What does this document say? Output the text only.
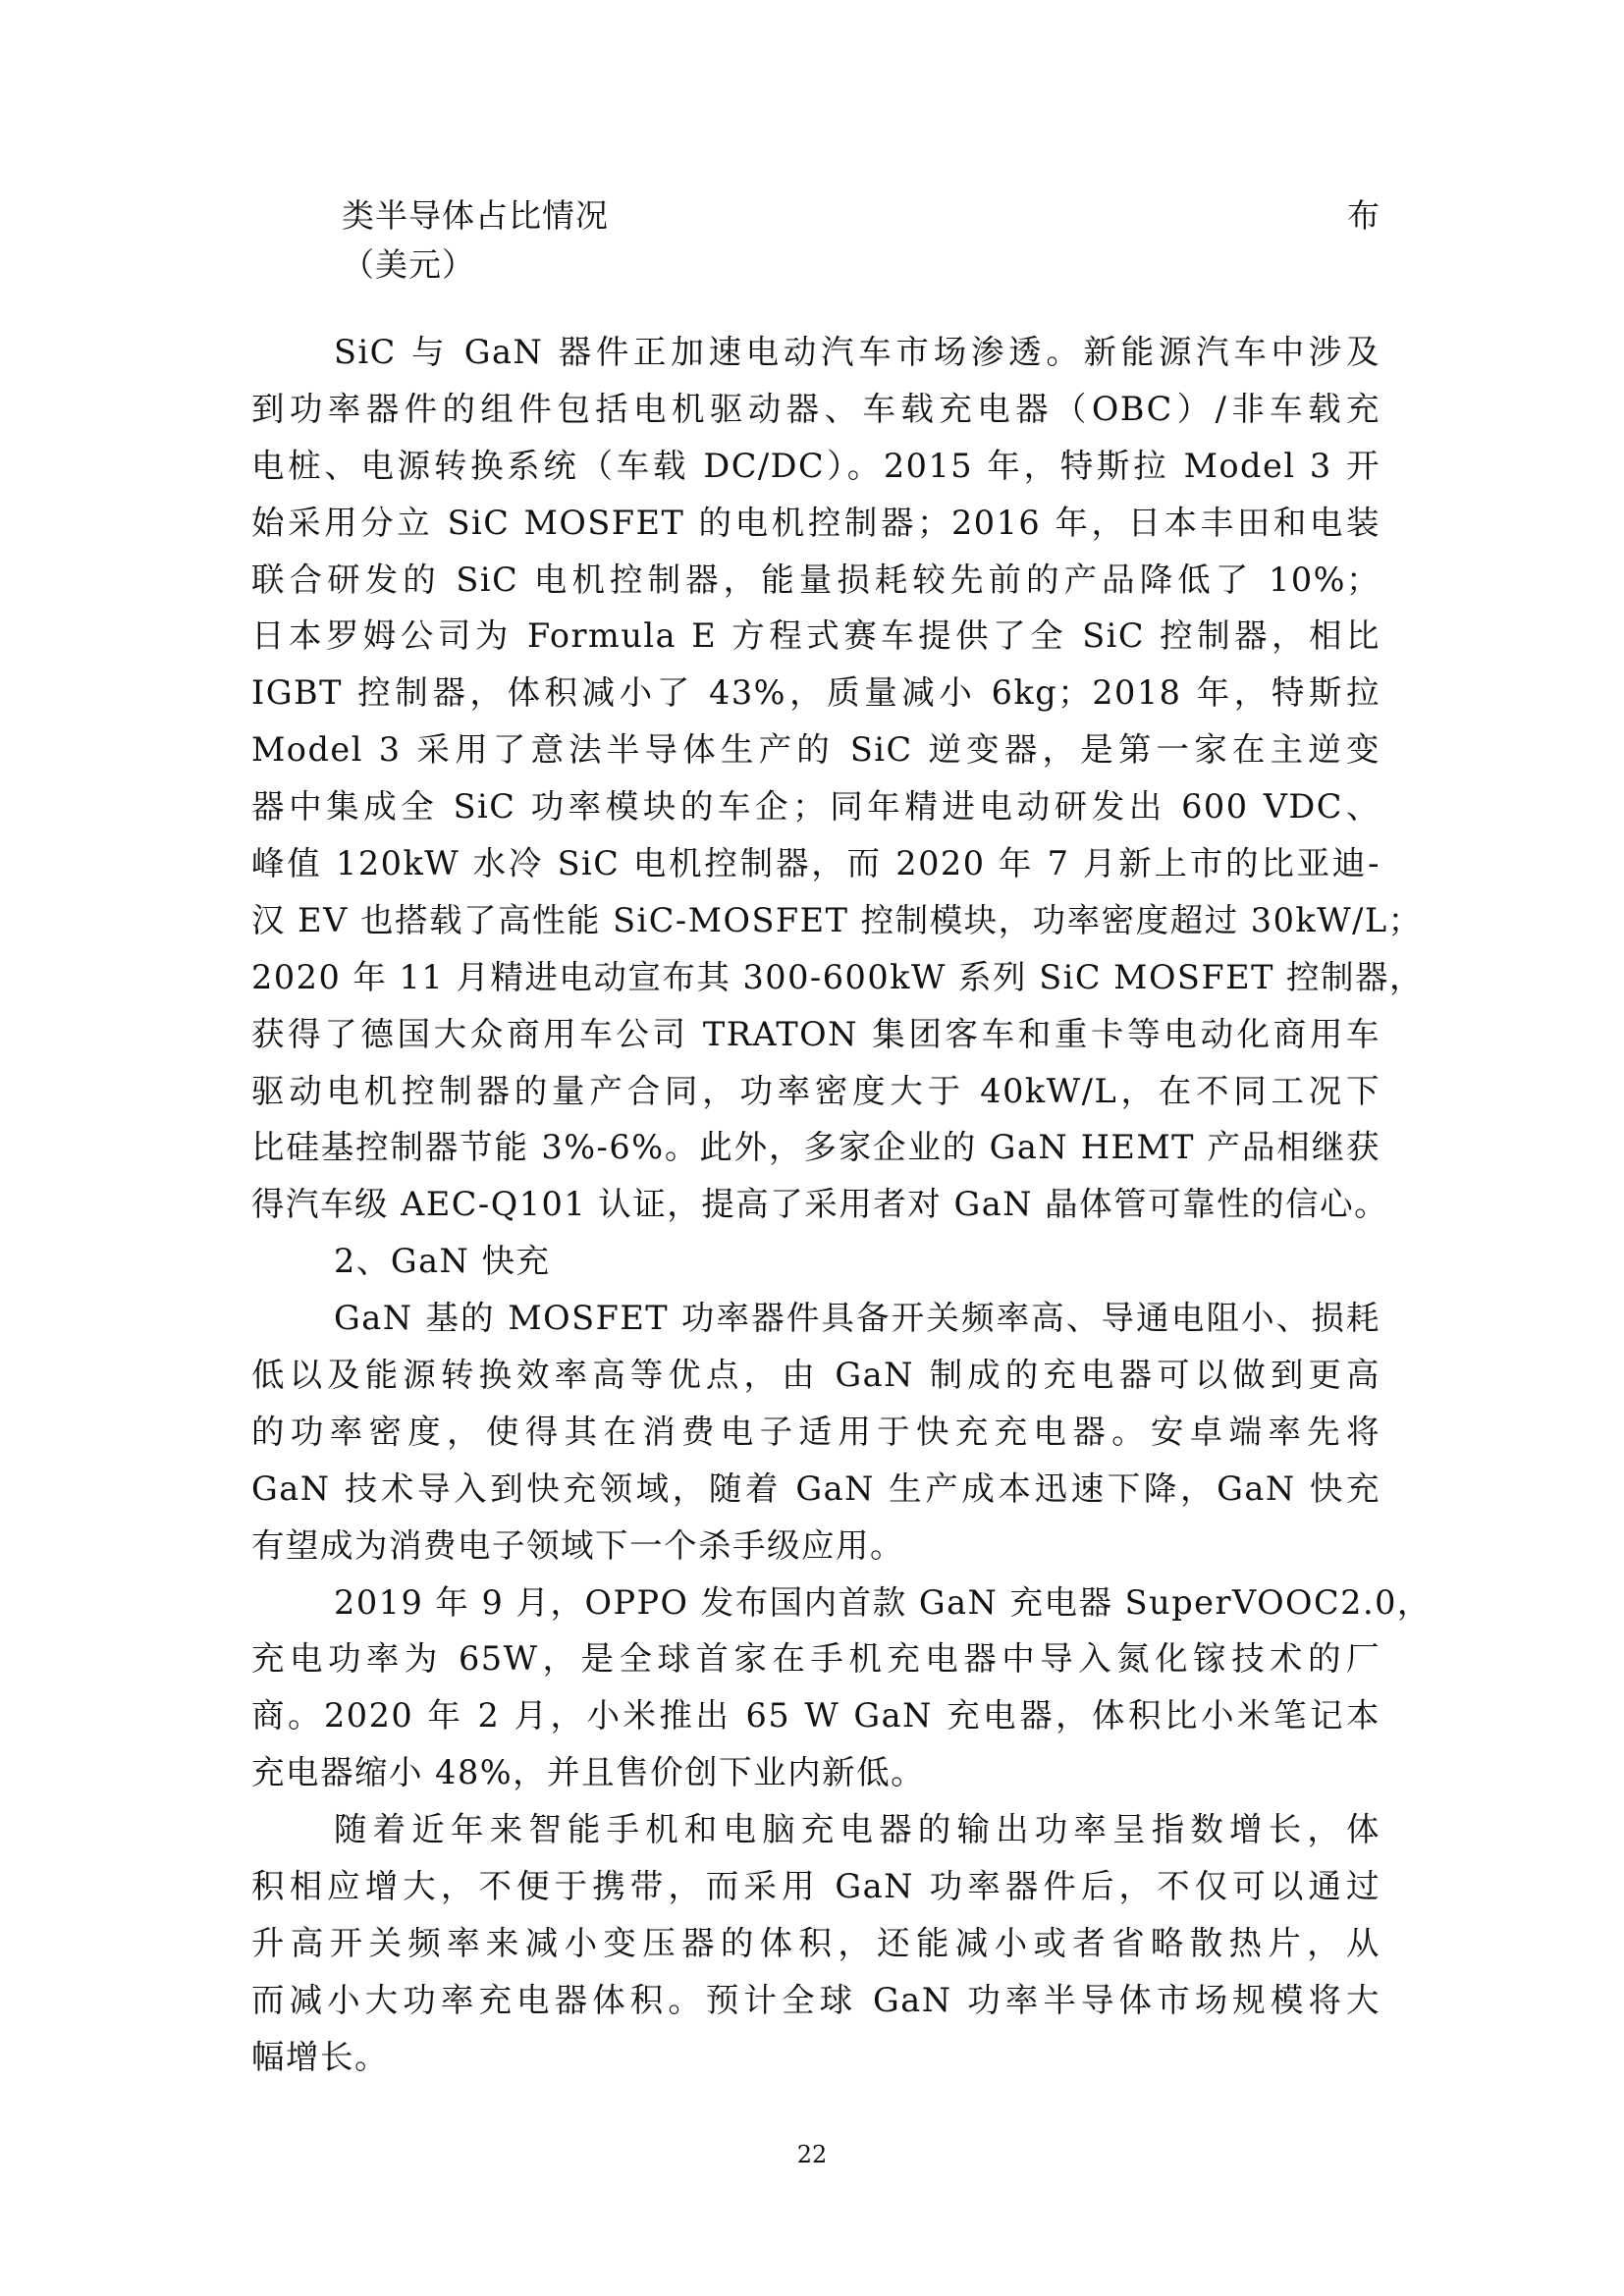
类半导体占比情况
（美元）
布
SiC 与 GaN 器件正加速电动汽车市场渗透。新能源汽车中涉及
到功率器件的组件包括电机驱动器、车载充电器（OBC）/非车载充
电桩、电源转换系统（车载 DC/DC）。2015 年，特斯拉 Model 3 开
始采用分立 SiC MOSFET 的电机控制器；2016 年，日本丰田和电装
联合研发的 SiC 电机控制器，能量损耗较先前的产品降低了 10%；
日本罗姆公司为 Formula E 方程式赛车提供了全 SiC 控制器，相比
IGBT 控制器，体积减小了 43%，质量减小 6kg；2018 年，特斯拉
Model 3 采用了意法半导体生产的 SiC 逆变器，是第一家在主逆变
器中集成全 SiC 功率模块的车企；同年精进电动研发出 600 VDC、
峰值 120kW 水冷 SiC 电机控制器，而 2020 年 7 月新上市的比亚迪-
汉 EV 也搭载了高性能 SiC-MOSFET 控制模块，功率密度超过 30kW/L；
2020 年 11 月精进电动宣布其 300-600kW 系列 SiC MOSFET 控制器，
获得了德国大众商用车公司 TRATON 集团客车和重卡等电动化商用车
驱动电机控制器的量产合同，功率密度大于 40kW/L，在不同工况下
比硅基控制器节能 3%-6%。此外，多家企业的 GaN HEMT 产品相继获
得汽车级 AEC-Q101 认证，提高了采用者对 GaN 晶体管可靠性的信心。
2、GaN 快充
GaN 基的 MOSFET 功率器件具备开关频率高、导通电阻小、损耗
低以及能源转换效率高等优点，由 GaN 制成的充电器可以做到更高
的功率密度，使得其在消费电子适用于快充充电器。安卓端率先将
GaN 技术导入到快充领域，随着 GaN 生产成本迅速下降，GaN 快充
有望成为消费电子领域下一个杀手级应用。
2019 年 9 月，OPPO 发布国内首款 GaN 充电器 SuperVOOC2.0，
充电功率为 65W，是全球首家在手机充电器中导入氮化镓技术的厂
商。2020 年 2 月，小米推出 65 W GaN 充电器，体积比小米笔记本
充电器缩小 48%，并且售价创下业内新低。
随着近年来智能手机和电脑充电器的输出功率呈指数增长，体
积相应增大，不便于携带，而采用 GaN 功率器件后，不仅可以通过
升高开关频率来减小变压器的体积，还能减小或者省略散热片，从
而减小大功率充电器体积。预计全球 GaN 功率半导体市场规模将大
幅增长。
22
